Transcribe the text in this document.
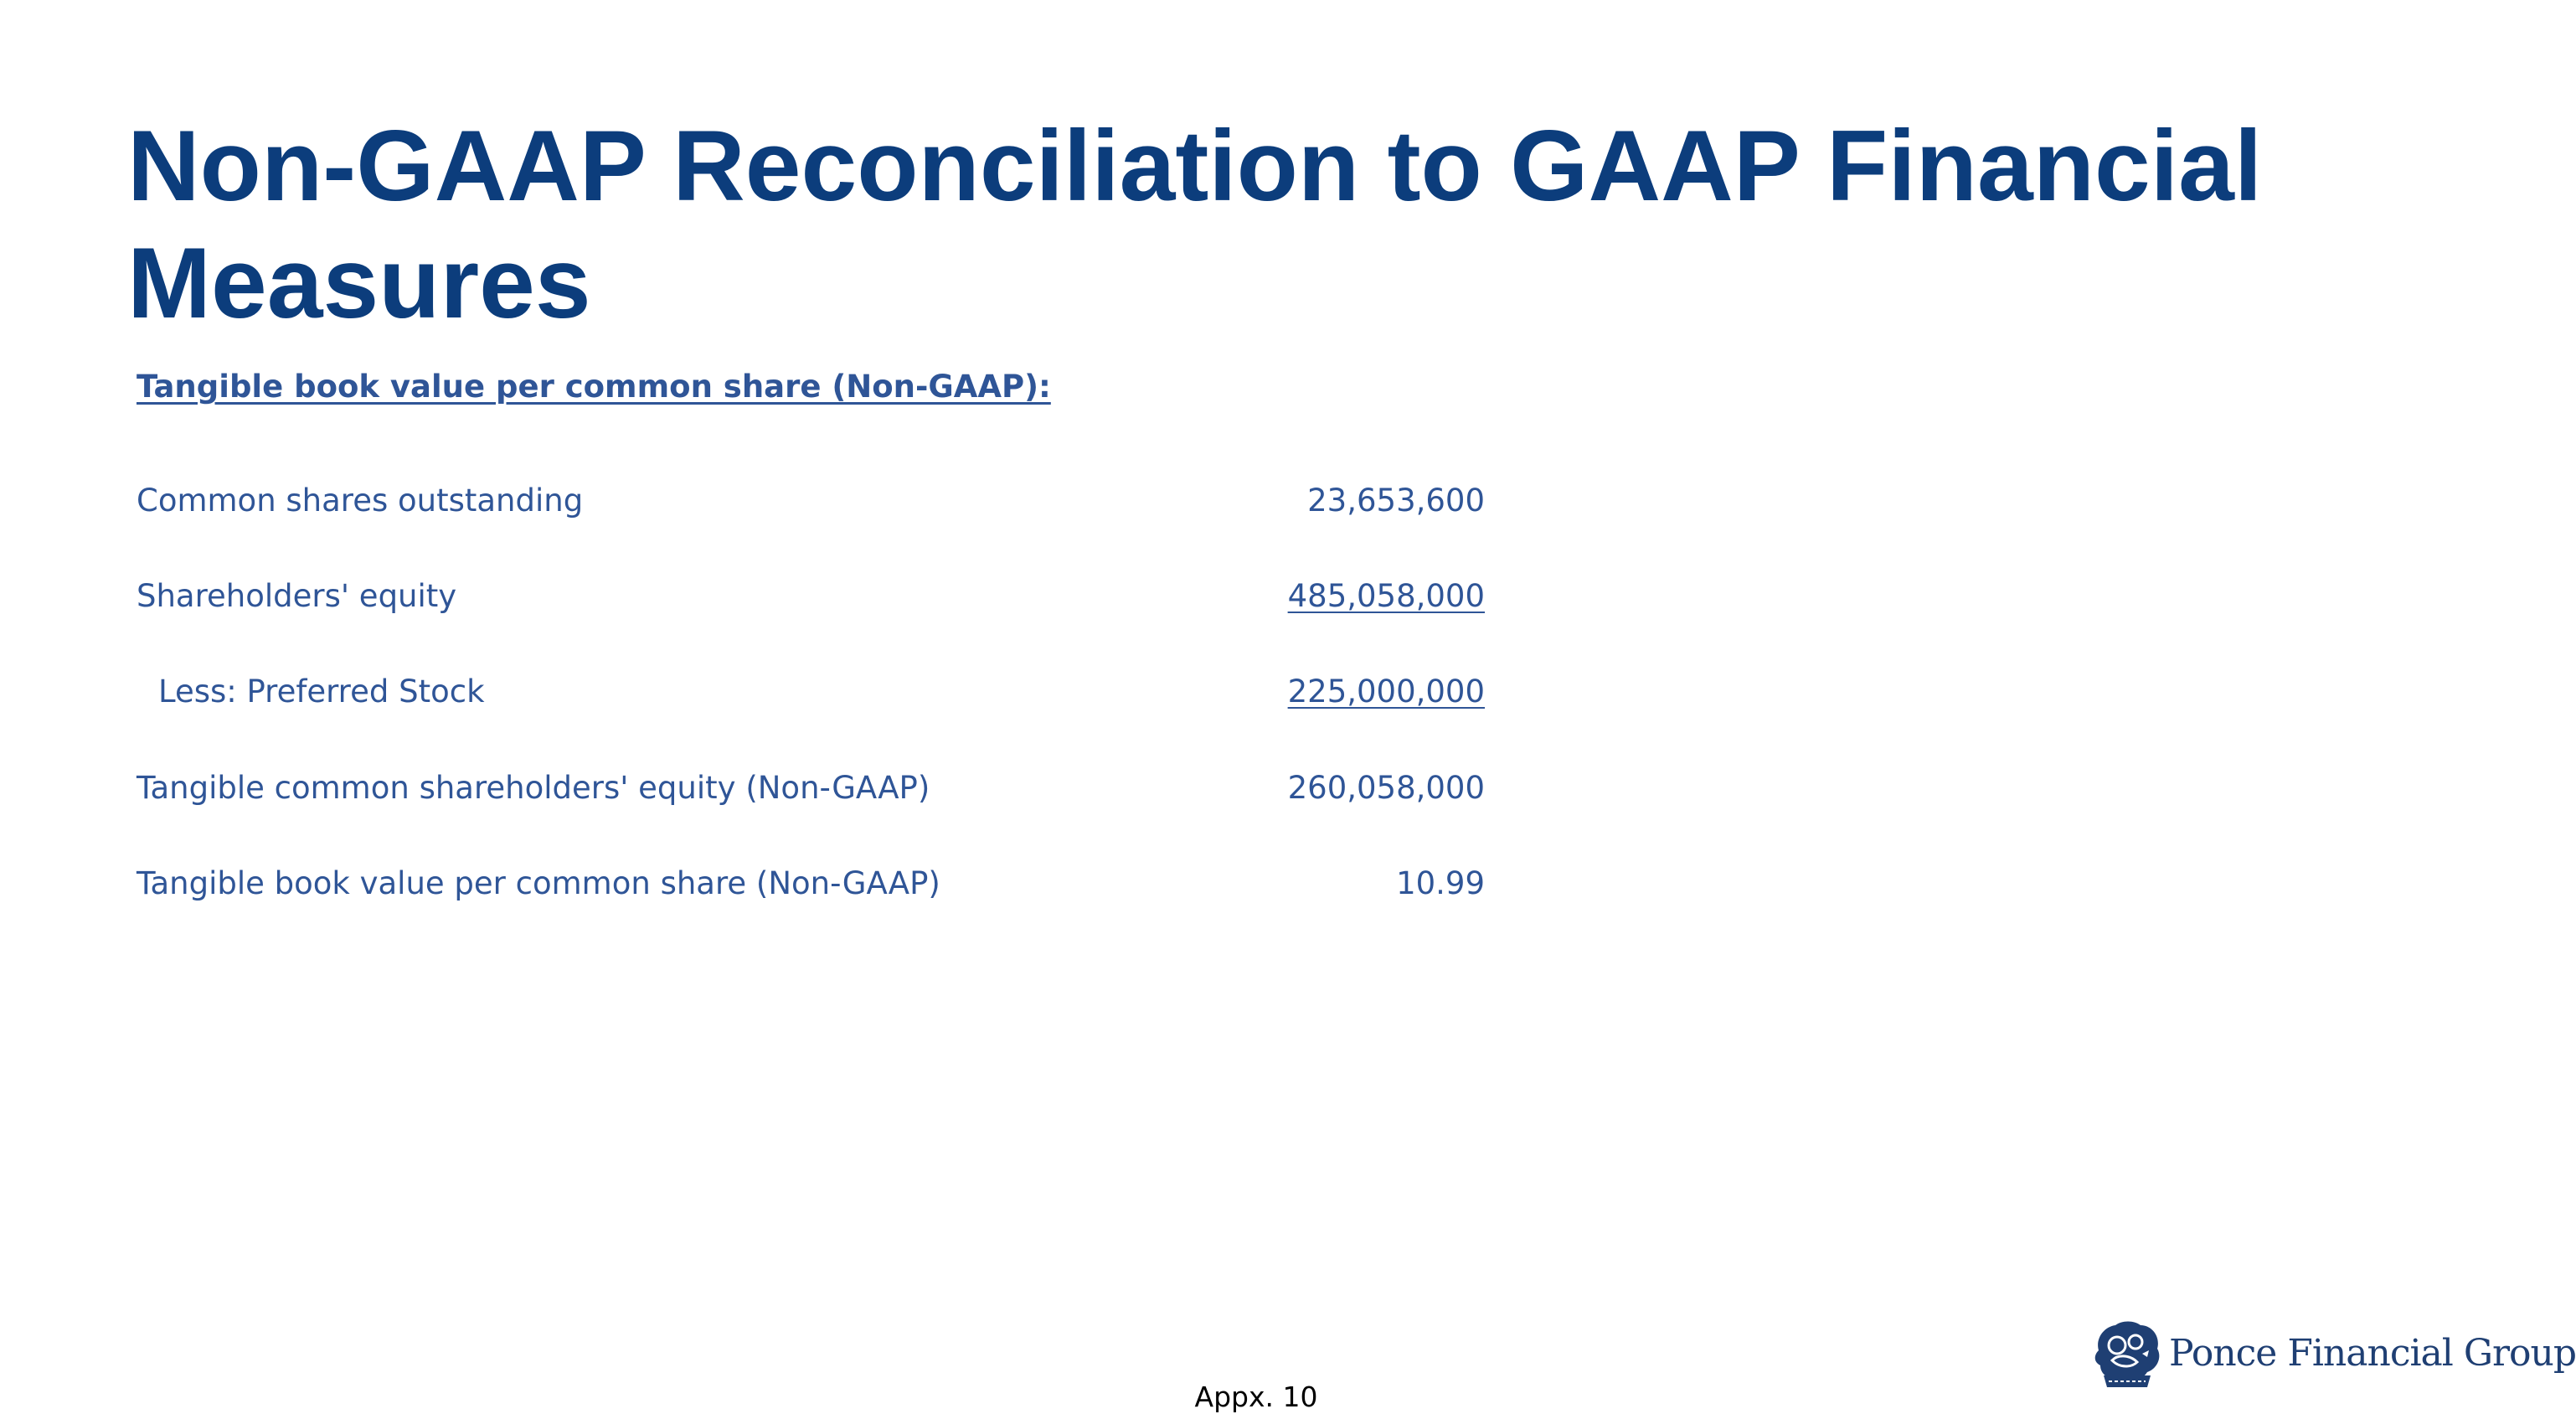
Non-GAAP Reconciliation to GAAP Financial Measures
Tangible book value per common share (Non-GAAP):
Common shares outstanding	23,653,600
Shareholders' equity	485,058,000
Less: Preferred Stock	225,000,000
Tangible common shareholders' equity (Non-GAAP)	260,058,000
Tangible book value per common share (Non-GAAP)	10.99
Ponce Financial Group
Appx. 10
